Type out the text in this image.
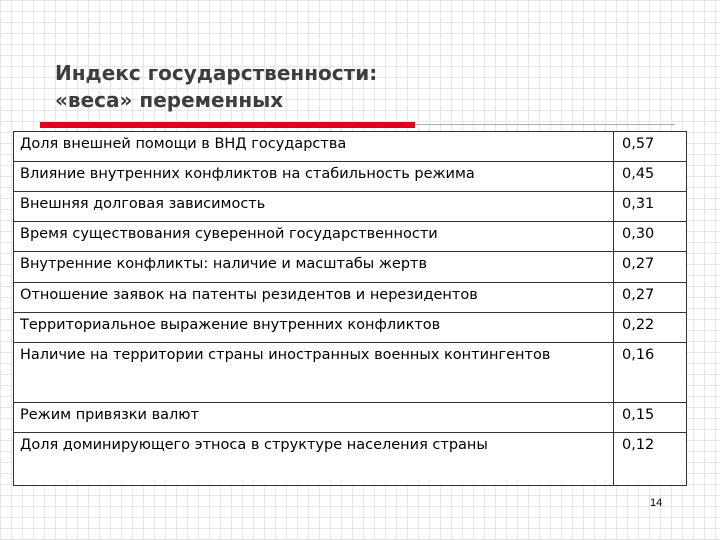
Индекс государственности:
«веса» переменных
Доля внешней помощи в ВНД государства	0,57
Влияние внутренних конфликтов на стабильность режима	0,45
Внешняя долговая зависимость	0,31
Время существования суверенной государственности	0,30
Внутренние конфликты: наличие и масштабы жертв	0,27
Отношение заявок на патенты резидентов и нерезидентов	0,27
Территориальное выражение внутренних конфликтов	0,22
Наличие на территории страны иностранных военных контингентов	0,16
Режим привязки валют	0,15
Доля доминирующего этноса в структуре населения страны	0,12
14
